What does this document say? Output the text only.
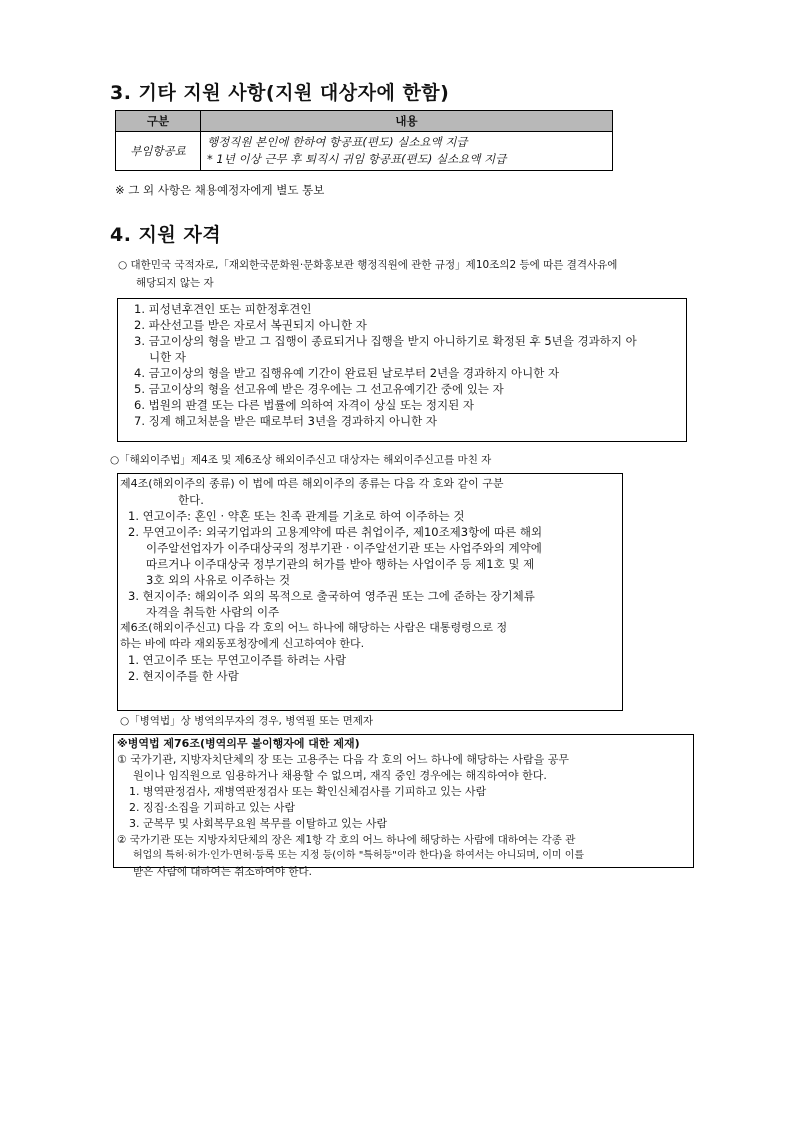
3. 기타 지원 사항(지원 대상자에 한함)
구분	내용
부임항공료
행정직원 본인에 한하여 항공표(편도) 실소요액 지급
* 1년 이상 근무 후 퇴직시 귀임 항공표(편도) 실소요액 지급
※ 그 외 사항은 채용예정자에게 별도 통보
4. 지원 자격
○ 대한민국 국적자로,「재외한국문화원·문화홍보관 행정직원에 관한 규정」제10조의2 등에 따른 결격사유에
해당되지 않는 자
1. 피성년후견인 또는 피한정후견인
2. 파산선고를 받은 자로서 복권되지 아니한 자
3. 금고이상의 형을 받고 그 집행이 종료되거나 집행을 받지 아니하기로 확정된 후 5년을 경과하지 아
니한 자
4. 금고이상의 형을 받고 집행유예 기간이 완료된 날로부터 2년을 경과하지 아니한 자
5. 금고이상의 형을 선고유예 받은 경우에는 그 선고유예기간 중에 있는 자
6. 법원의 판결 또는 다른 법률에 의하여 자격이 상실 또는 정지된 자
7. 징계 해고처분을 받은 때로부터 3년을 경과하지 아니한 자
○「해외이주법」제4조 및 제6조상 해외이주신고 대상자는 해외이주신고를 마친 자
제4조(해외이주의 종류) 이 법에 따른 해외이주의 종류는 다음 각 호와 같이 구분
한다.
1. 연고이주: 혼인 · 약혼 또는 친족 관계를 기초로 하여 이주하는 것
2. 무연고이주: 외국기업과의 고용계약에 따른 취업이주, 제10조제3항에 따른 해외
이주알선업자가 이주대상국의 정부기관 · 이주알선기관 또는 사업주와의 계약에
따르거나 이주대상국 정부기관의 허가를 받아 행하는 사업이주 등 제1호 및 제
3호 외의 사유로 이주하는 것
3. 현지이주: 해외이주 외의 목적으로 출국하여 영주권 또는 그에 준하는 장기체류
자격을 취득한 사람의 이주
제6조(해외이주신고) 다음 각 호의 어느 하나에 해당하는 사람은 대통령령으로 정
하는 바에 따라 재외동포청장에게 신고하여야 한다.
1. 연고이주 또는 무연고이주를 하려는 사람
2. 현지이주를 한 사람
○「병역법」상 병역의무자의 경우, 병역필 또는 면제자
※병역법 제76조(병역의무 불이행자에 대한 제재)
① 국가기관, 지방자치단체의 장 또는 고용주는 다음 각 호의 어느 하나에 해당하는 사람을 공무
원이나 임직원으로 임용하거나 채용할 수 없으며, 재직 중인 경우에는 해직하여야 한다.
1. 병역판정검사, 재병역판정검사 또는 확인신체검사를 기피하고 있는 사람
2. 징집·소집을 기피하고 있는 사람
3. 군복무 및 사회복무요원 복무를 이탈하고 있는 사람
② 국가기관 또는 지방자치단체의 장은 제1항 각 호의 어느 하나에 해당하는 사람에 대하여는 각종 관
허업의 특허·허가·인가·면허·등록 또는 지정 등(이하 "특허등"이라 한다)을 하여서는 아니되며, 이미 이를
받은 사람에 대하여는 취소하여야 한다.
